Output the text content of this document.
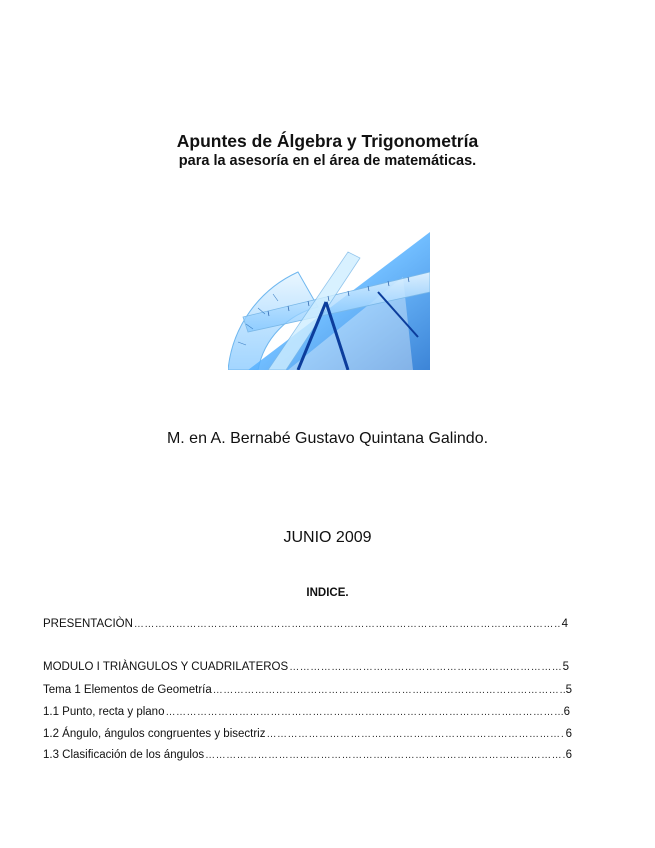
Apuntes de Álgebra y Trigonometría
para la asesoría en el área de matemáticas.
M. en A. Bernabé Gustavo Quintana Galindo.
JUNIO 2009
INDICE.
PRESENTACIÒN …………………………………………………………………………………………………………………………………………………………………………………………………	4
MODULO I TRIÀNGULOS Y CUADRILATEROS …………………………………………………………………………………………………………………………………………………………………………………………………	5
Tema 1 Elementos de Geometría …………………………………………………………………………………………………………………………………………………………………………………………………	5
1.1 Punto, recta y plano …………………………………………………………………………………………………………………………………………………………………………………………………	6
1.2 Ángulo, ángulos congruentes y bisectriz …………………………………………………………………………………………………………………………………………………………………………………………………	6
1.3 Clasificación de los ángulos …………………………………………………………………………………………………………………………………………………………………………………………………	6
